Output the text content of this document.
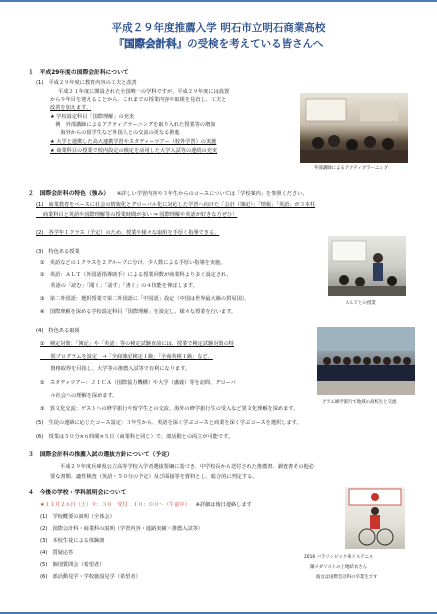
平成２９年度推薦入学 明石市立明石商業高校
『国際会計科』の受検を考えている皆さんへ
１　平成29年度の国際会計科について
(1)　平成２９年度に教育内容の工夫と改善
平成２１年度に開設された全国唯一の学科ですが、平成２９年度には設置
から９年目を迎えることから、これまでの授業内容や取組を見直し、工夫と
改善を加えます。
★ 学校設定科目「国際理解」の充実
　例　外部講師によるアクティブラーニングを取り入れた授業等の増加
　　海外からの留学生など外国人との交流の更なる推進
★ 大学と連携した高大連携学習やスタディーツアー（校外学習）の実施
★ 商業科目の授業で校内設定の検定を活用した大学入試等の連続の充実
外部講師によるアクティブラーニング
２　国際会計科の特色（強み） ※詳しい学習内容や３年生からのコースについては「学校案内」を参照ください。
(1)　商業教育をベースに社会の情報化とグローバル化に対応した学習へ向けた「会計（簿記）」「情報」「英語」が３本柱
　 商業科目と英語や国際理解等の授業時間が多い ⇒ 国際理解や英語が好きな方ぜひ！
(2)　各学年１クラス（予定）のため、授業や様々な取組を手厚く指導できる。
(3)　特色ある授業
①　英語などの１クラスを２グループに分け、少人数による手厚い指導を実施。
②　英語：ＡＬＴ（外国語指導助手）による授業回数が商業科より多く設定され、
　　英語の「読む」「聞く」「話す」「書く」の４技能を伸ばします。
③　第二外国語：選択授業で第二外国語に「中国語」設定（中国は世界最大級の貿易国）。
④　国際理解を深める学校設定科目「国際理解」を設定し、様々な授業を行います。
ＡＬＴとの授業
(4)　特色ある取組
①　検定対策：「簿記」や「英語」等の検定試験直前には、授業で検定試験対策の特
　　別プログラムを設定　→「全商簿記検定１級」「全商英検１級」など、
　　資格取得を目指し、大学等の推薦入試等で有利になります。
②　スタディツアー：ＪＩＣＡ（国際協力機構）や大学（講義）等を訪問、グローバ
　　ル社会への理解を深めます。
③　異文化交流：ゲストへの修学旅行や留学生との交流、海外の修学旅行生の受入など異文化理解を深めます。
グアム修学旅行で地域の高校生と交流
(5)　生徒の連絡に応じたコース設定：３年生から、英語を深く学ぶコースと商業を深く学ぶコースを選択します。
(6)　授業は５０分×６時間×５日（商業科と同じ）で、部活動との両立が可能です。
３　国際会計科の推薦入試の選抜方針について（予定）
平成２９年度兵庫県公立高等学校入学者選抜要綱に基づき、中学校長から送付された推薦書、調査書その他必
要な書類、適性検査（英語・５０分の予定）及び面接等を資料とし、総合的に判定する。
４　今後の学校・学科説明会について
★１１月２６日（土）９：３０　受付　１０：００～（午前中） ※詳細は後日連絡します
(1)　学校概要の説明（全体会）
(2)　国際会計科・商業科の説明（学習内容・進路実績・推薦入試等）
(3)　本校生徒による体験談
(4)　質疑応答
(5)　個別質問会（希望者）
(6)　部活動見学・学校施設見学（希望者）
2016 パラリンピック車イステニス
銅メダリストの上地結衣さん
彼女は国際会計科の卒業生です
